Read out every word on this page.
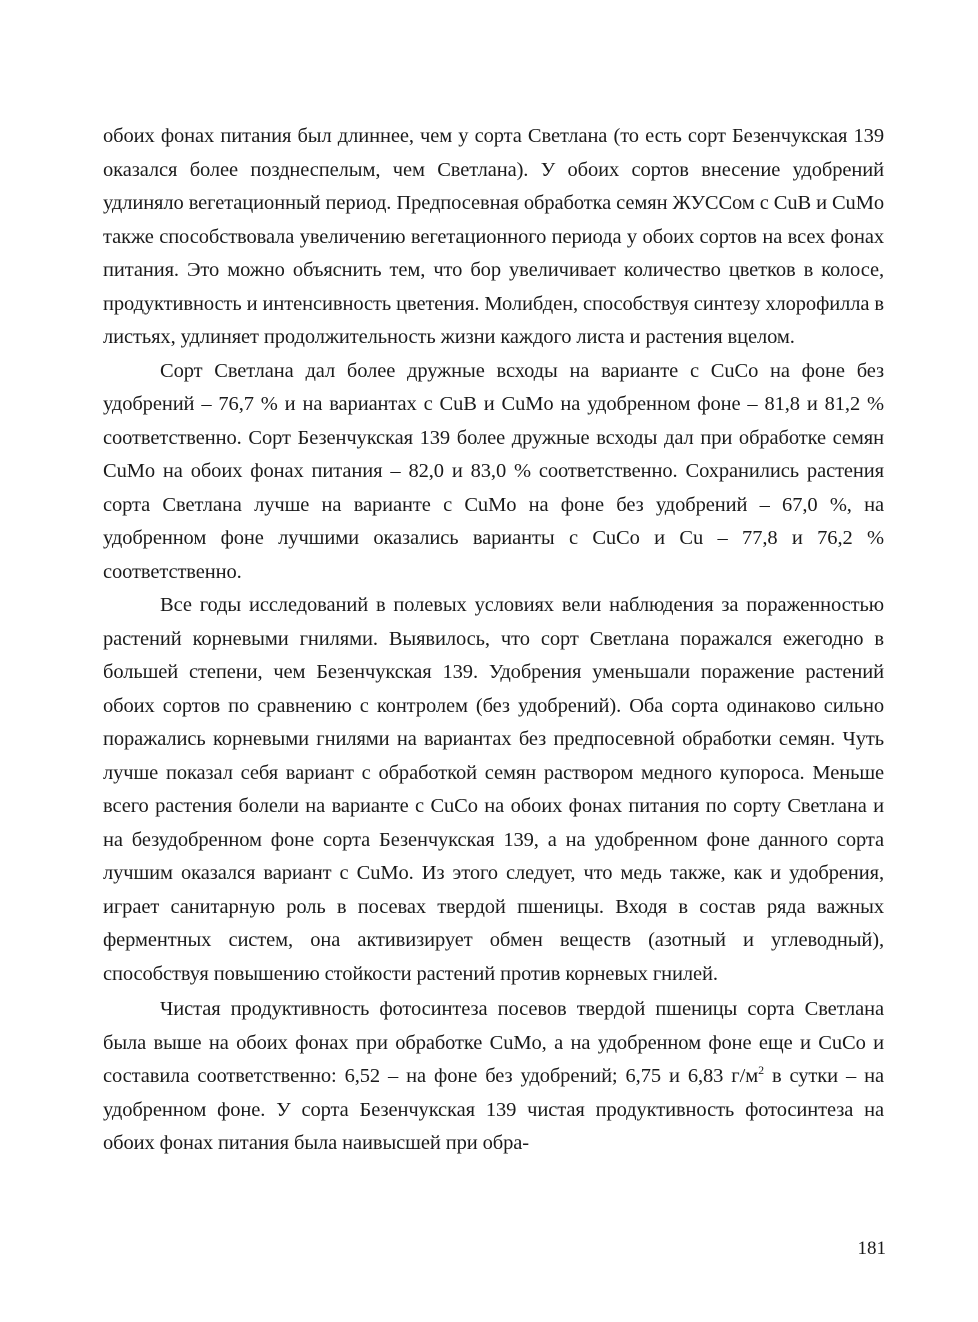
обоих фонах питания был длиннее, чем у сорта Светлана (то есть сорт Безенчукская 139 оказался более позднеспелым, чем Светлана). У обоих сортов внесение удобрений удлиняло вегетационный период. Предпосевная обработка семян ЖУССом с CuB и CuMo также способствовала увеличению вегетационного периода у обоих сортов на всех фонах питания. Это можно объяснить тем, что бор увеличивает количество цветков в колосе, продуктивность и интенсивность цветения. Молибден, способствуя синтезу хлорофилла в листьях, удлиняет продолжительность жизни каждого листа и растения вцелом.

Сорт Светлана дал более дружные всходы на варианте с CuCo на фоне без удобрений – 76,7 % и на вариантах с CuB и CuMo на удобренном фоне – 81,8 и 81,2 % соответственно. Сорт Безенчукская 139 более дружные всходы дал при обработке семян CuMo на обоих фонах питания – 82,0 и 83,0 % соответственно. Сохранились растения сорта Светлана лучше на варианте с CuMo на фоне без удобрений – 67,0 %, на удобренном фоне лучшими оказались варианты с CuCo и Cu – 77,8 и 76,2 % соответственно.

Все годы исследований в полевых условиях вели наблюдения за пораженностью растений корневыми гнилями. Выявилось, что сорт Светлана поражался ежегодно в большей степени, чем Безенчукская 139. Удобрения уменьшали поражение растений обоих сортов по сравнению с контролем (без удобрений). Оба сорта одинаково сильно поражались корневыми гнилями на вариантах без предпосевной обработки семян. Чуть лучше показал себя вариант с обработкой семян раствором медного купороса. Меньше всего растения болели на варианте с CuCo на обоих фонах питания по сорту Светлана и на безудобренном фоне сорта Безенчукская 139, а на удобренном фоне данного сорта лучшим оказался вариант с CuMo. Из этого следует, что медь также, как и удобрения, играет санитарную роль в посевах твердой пшеницы. Входя в состав ряда важных ферментных систем, она активизирует обмен веществ (азотный и углеводный), способствуя повышению стойкости растений против корневых гнилей.

Чистая продуктивность фотосинтеза посевов твердой пшеницы сорта Светлана была выше на обоих фонах при обработке CuMo, а на удобренном фоне еще и CuCo и составила соответственно: 6,52 – на фоне без удобрений; 6,75 и 6,83 $г/м^2$ в сутки – на удобренном фоне. У сорта Безенчукская 139 чистая продуктивность фотосинтеза на обоих фонах питания была наивысшей при обра-

181
